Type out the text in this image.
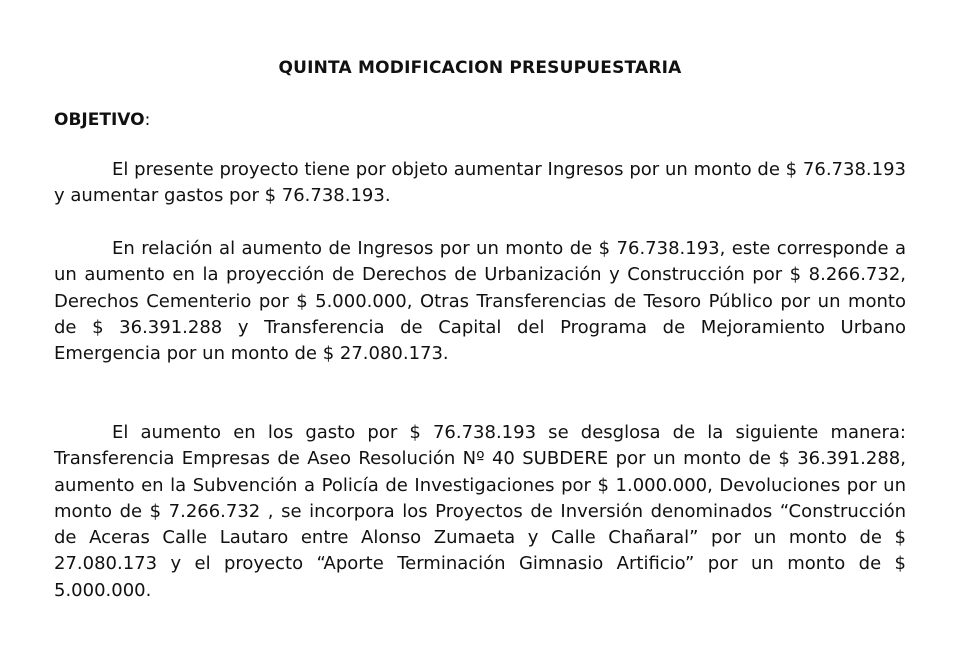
QUINTA MODIFICACION PRESUPUESTARIA
OBJETIVO:

El presente proyecto tiene por objeto aumentar Ingresos por un monto de $ 76.738.193 y aumentar gastos por $ 76.738.193.

En relación al aumento de Ingresos por un monto de $ 76.738.193, este corresponde a un aumento en la proyección de Derechos de Urbanización y Construcción por $ 8.266.732, Derechos Cementerio por $ 5.000.000, Otras Transferencias de Tesoro Público por un monto de $ 36.391.288 y Transferencia de Capital del Programa de Mejoramiento Urbano Emergencia por un monto de $ 27.080.173.

El aumento en los gasto por $ 76.738.193 se desglosa de la siguiente manera: Transferencia Empresas de Aseo Resolución Nº 40 SUBDERE por un monto de $ 36.391.288, aumento en la Subvención a Policía de Investigaciones por $ 1.000.000, Devoluciones por un monto de $ 7.266.732 , se incorpora los Proyectos de Inversión denominados “Construcción de Aceras Calle Lautaro entre Alonso Zumaeta y Calle Chañaral” por un monto de $ 27.080.173 y el proyecto “Aporte Terminación Gimnasio Artificio” por un monto de $ 5.000.000.
